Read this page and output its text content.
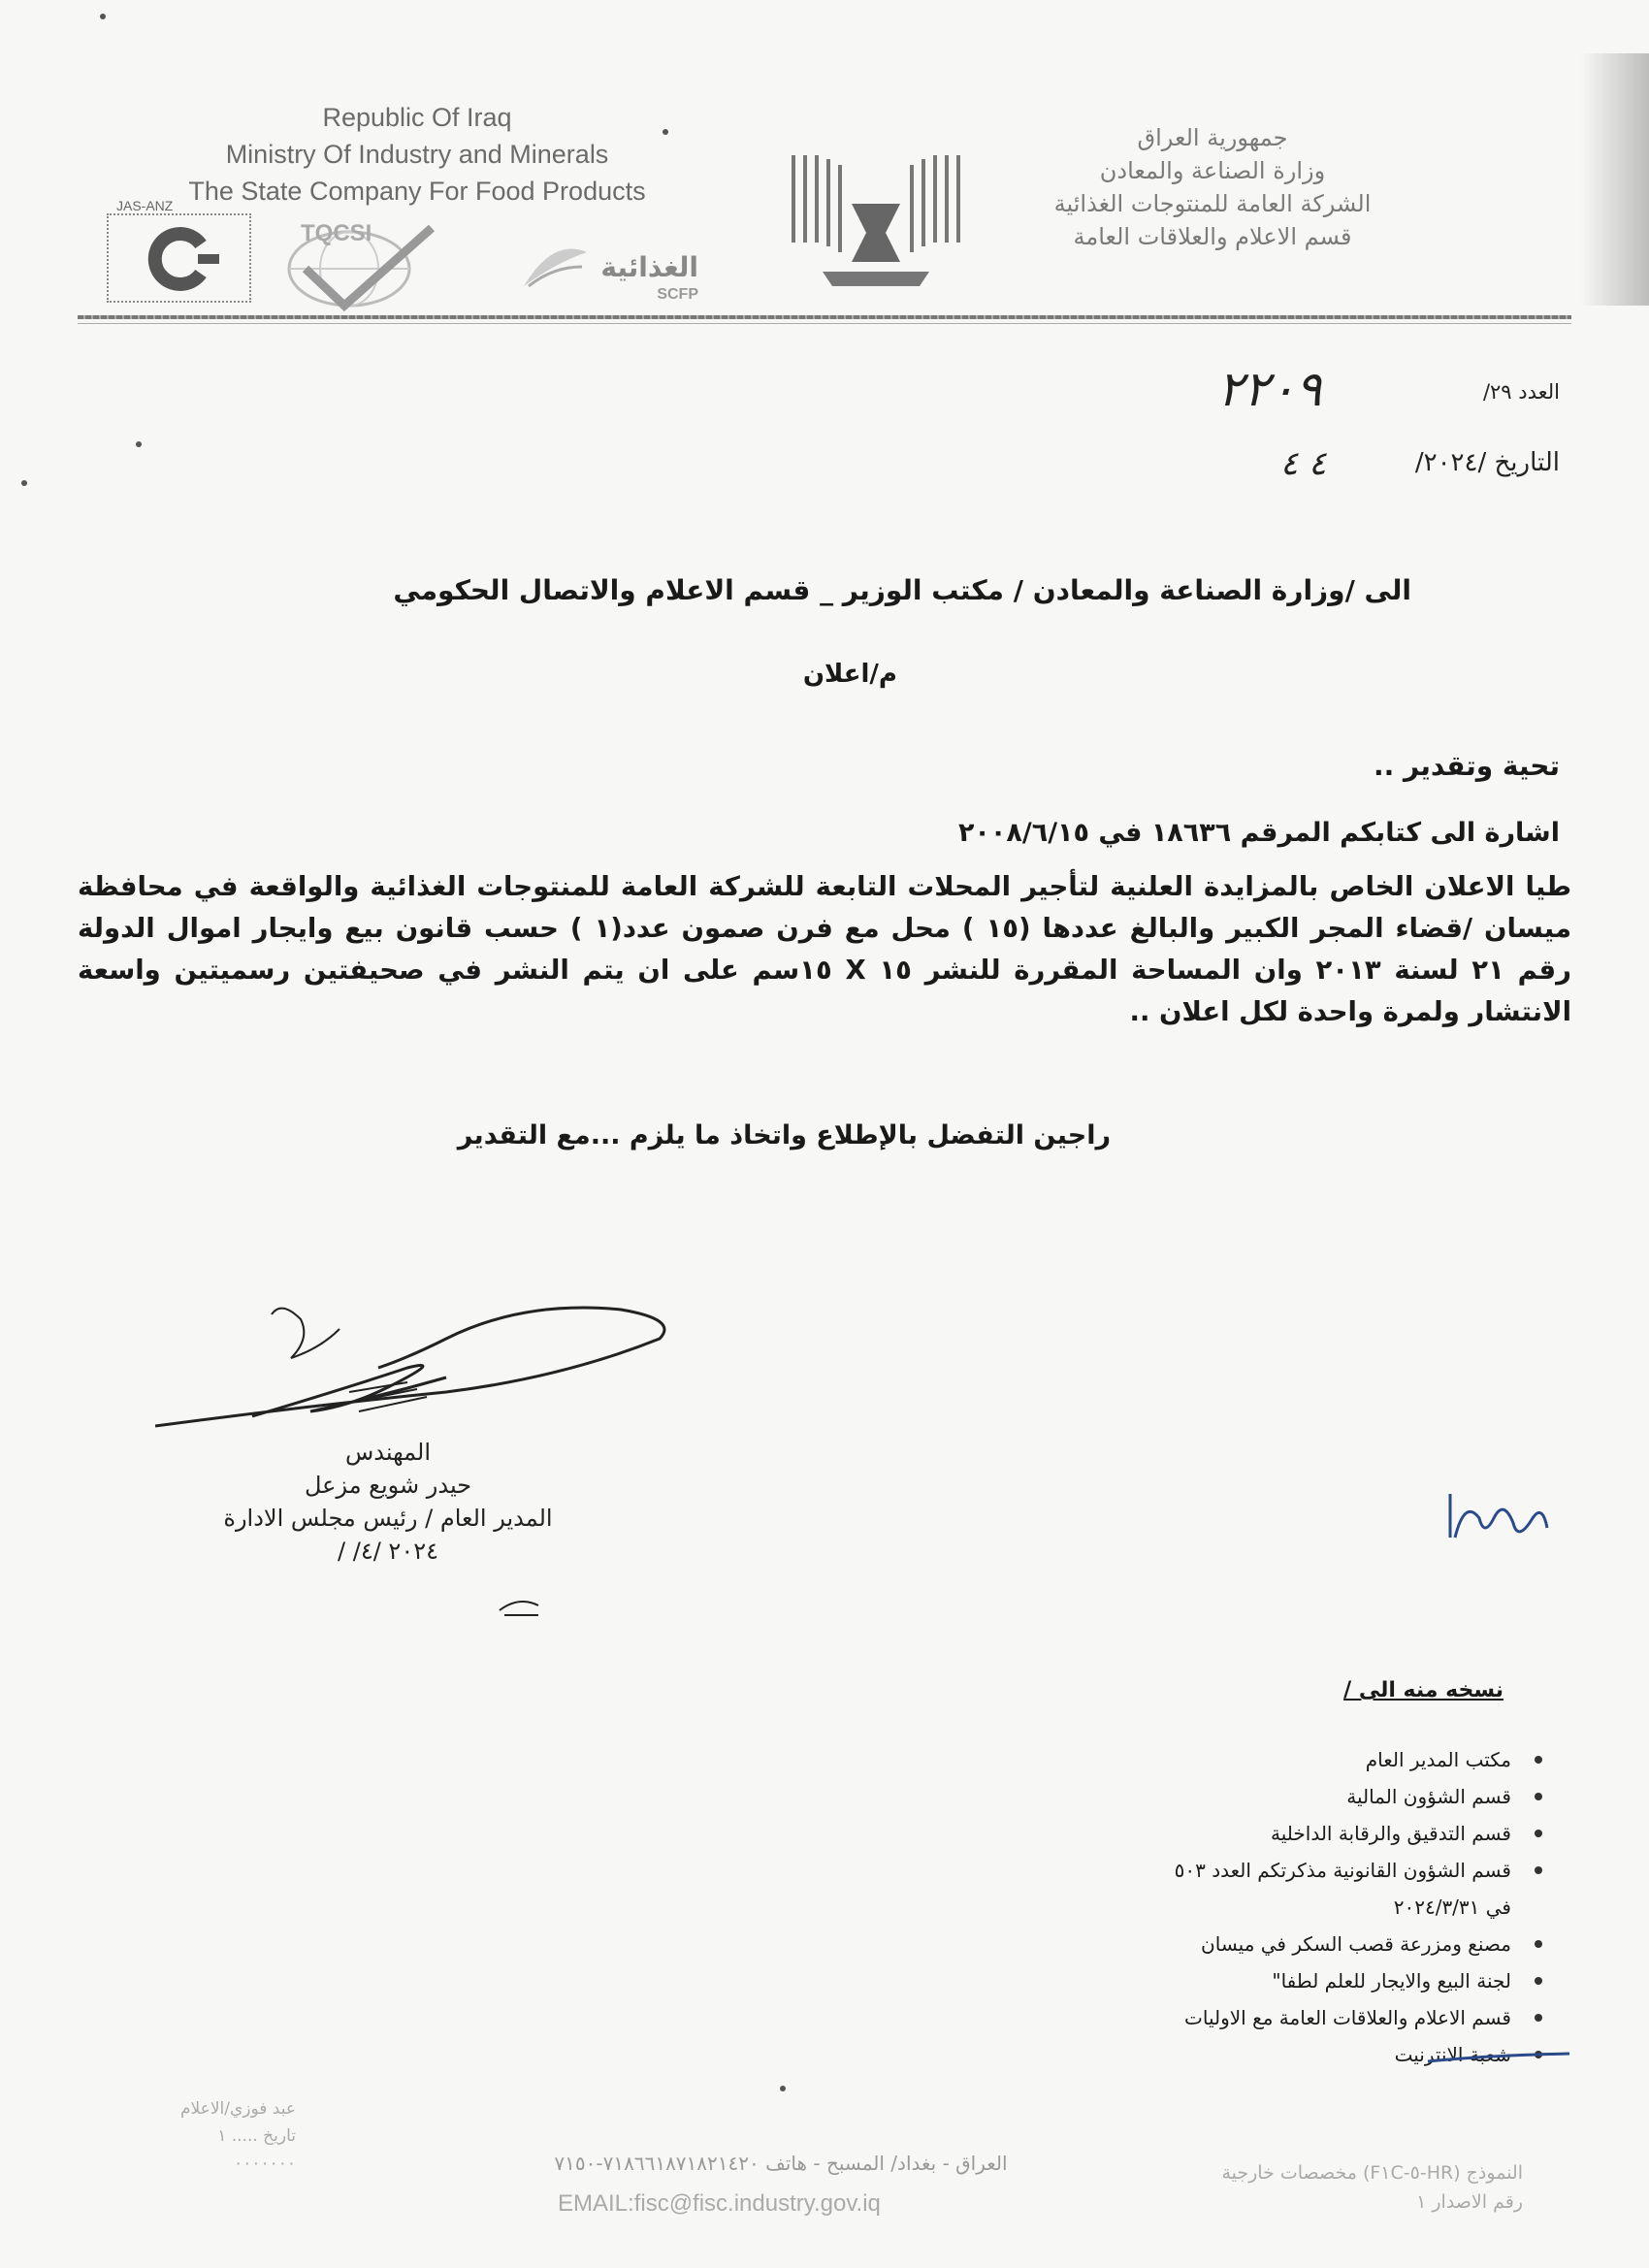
Republic Of Iraq
Ministry Of Industry and Minerals
The State Company For Food Products
جمهورية العراق
وزارة الصناعة والمعادن
الشركة العامة للمنتوجات الغذائية
قسم الاعلام والعلاقات العامة
JAS-ANZ
TQCSI
الغذائية
SCFP
العدد ٢٩/
٢٢٠٩
التاريخ /٢٠٢٤/
٤ ٤
الى /وزارة الصناعة والمعادن / مكتب الوزير _ قسم الاعلام والاتصال الحكومي
م/اعلان
تحية وتقدير ..
اشارة الى كتابكم المرقم ١٨٦٣٦ في ٢٠٠٨/٦/١٥
طيا الاعلان الخاص بالمزايدة العلنية لتأجير المحلات التابعة للشركة العامة للمنتوجات الغذائية والواقعة في محافظة
ميسان /قضاء المجر الكبير والبالغ عددها (١٥ ) محل مع فرن صمون عدد(١ ) حسب قانون بيع وايجار اموال الدولة
رقم ٢١ لسنة ٢٠١٣ وان المساحة المقررة للنشر ١٥ X ١٥سم على ان يتم النشر في صحيفتين رسميتين واسعة
الانتشار ولمرة واحدة لكل اعلان ..
راجين التفضل بالإطلاع واتخاذ ما يلزم ...مع التقدير
المهندس
حيدر شويع مزعل
المدير العام / رئيس مجلس الادارة
٢٠٢٤ /٤/ /
نسخه منه الى /
مكتب المدير العام
قسم الشؤون المالية
قسم التدقيق والرقابة الداخلية
قسم الشؤون القانونية مذكرتكم العدد ٥٠٣
في ٢٠٢٤/٣/٣١
مصنع ومزرعة قصب السكر في ميسان
لجنة البيع والايجار للعلم لطفا"
قسم الاعلام والعلاقات العامة مع الاوليات
شعبة الانترنيت
عبد فوزي/الاعلام
تاريخ ..... ١
٠٠٠٠٠٠٠	العراق - بغداد/ المسبح - هاتف ٧١٨٦٦١٨٧١٨٢١٤٢٠-٧١٥٠
EMAIL:fisc@fisc.industry.gov.iq
النموذج (HR-٥-F١C) مخصصات خارجية
رقم الاصدار ١
